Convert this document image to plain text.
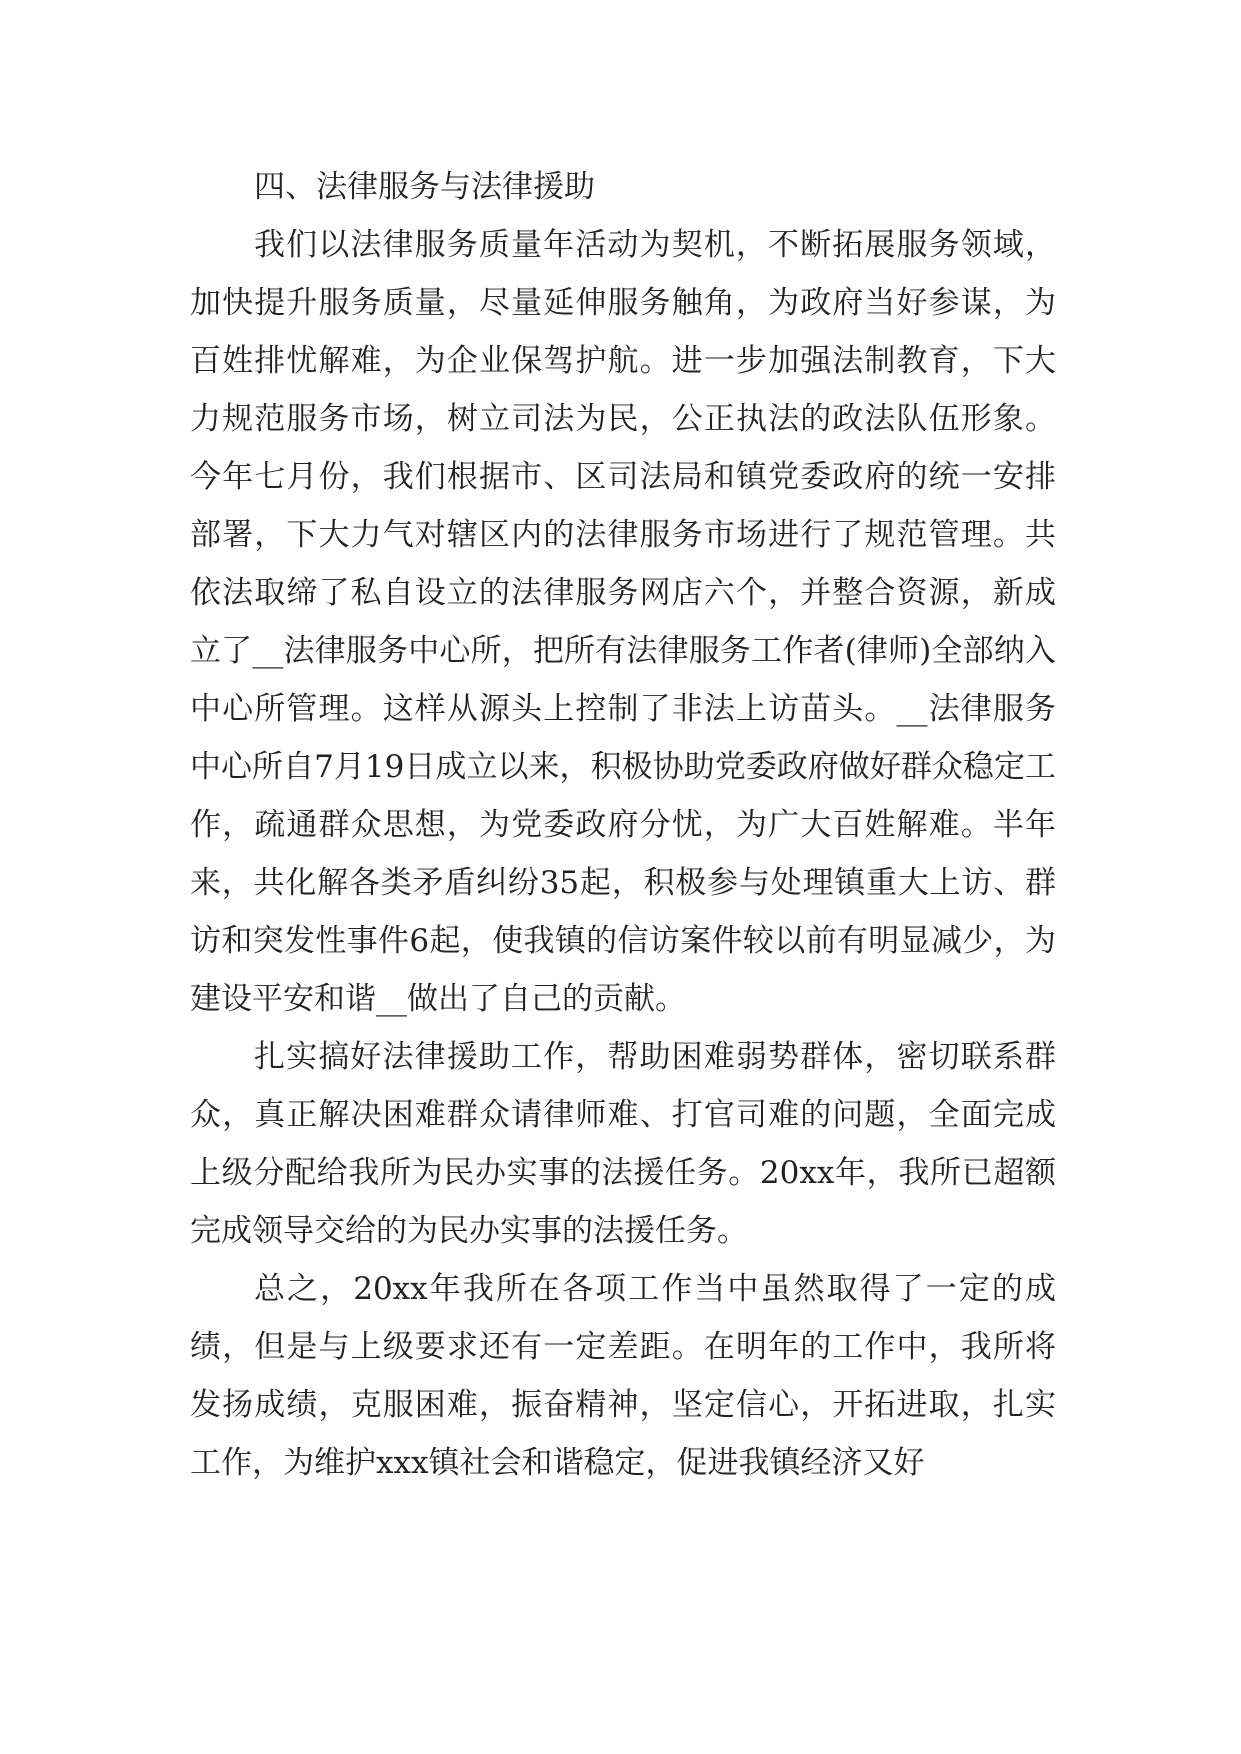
四、法律服务与法律援助

我们以法律服务质量年活动为契机，不断拓展服务领域，加快提升服务质量，尽量延伸服务触角，为政府当好参谋，为百姓排忧解难，为企业保驾护航。进一步加强法制教育，下大力规范服务市场，树立司法为民，公正执法的政法队伍形象。今年七月份，我们根据市、区司法局和镇党委政府的统一安排部署，下大力气对辖区内的法律服务市场进行了规范管理。共依法取缔了私自设立的法律服务网店六个，并整合资源，新成立了__法律服务中心所，把所有法律服务工作者(律师)全部纳入中心所管理。这样从源头上控制了非法上访苗头。__法律服务中心所自7月19日成立以来，积极协助党委政府做好群众稳定工作，疏通群众思想，为党委政府分忧，为广大百姓解难。半年来，共化解各类矛盾纠纷35起，积极参与处理镇重大上访、群访和突发性事件6起，使我镇的信访案件较以前有明显减少，为建设平安和谐__做出了自己的贡献。

扎实搞好法律援助工作，帮助困难弱势群体，密切联系群众，真正解决困难群众请律师难、打官司难的问题，全面完成上级分配给我所为民办实事的法援任务。20xx年，我所已超额完成领导交给的为民办实事的法援任务。

总之，20xx年我所在各项工作当中虽然取得了一定的成绩，但是与上级要求还有一定差距。在明年的工作中，我所将发扬成绩，克服困难，振奋精神，坚定信心，开拓进取，扎实工作，为维护xxx镇社会和谐稳定，促进我镇经济又好
